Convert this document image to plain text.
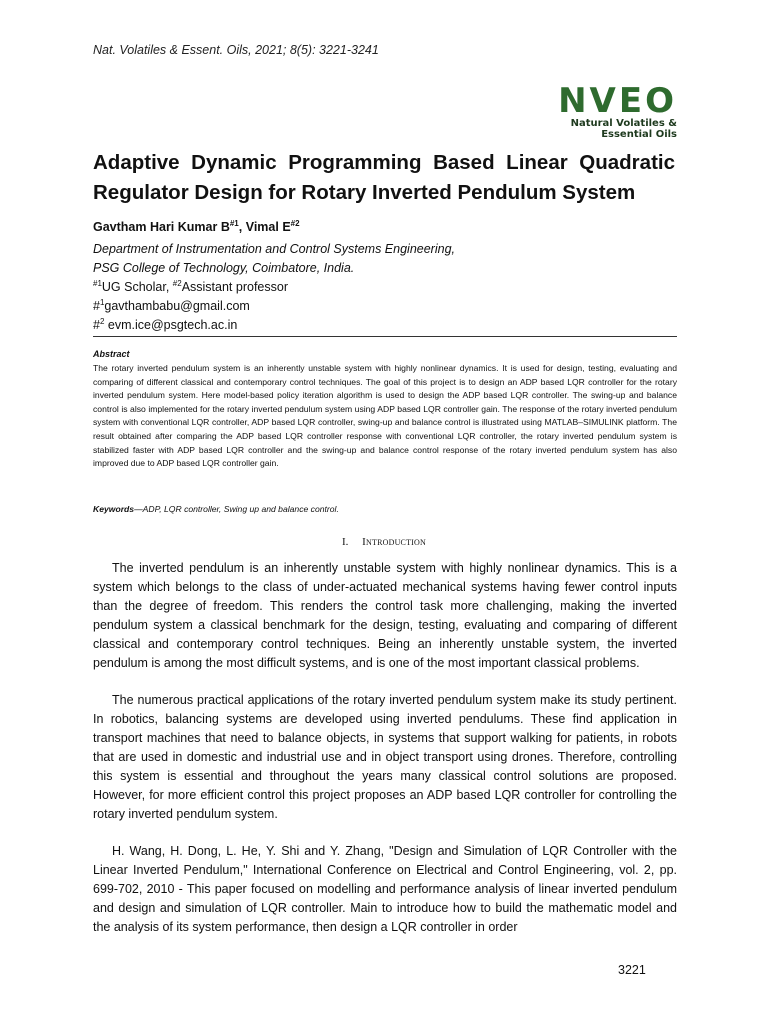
Nat. Volatiles & Essent. Oils, 2021; 8(5): 3221-3241
NVEO
Natural Volatiles &
Essential Oils
Adaptive Dynamic Programming Based Linear Quadratic
Regulator Design for Rotary Inverted Pendulum System
Gavtham Hari Kumar $B^{\#1}$, Vimal $E^{\#2}$
Department of Instrumentation and Control Systems Engineering,
PSG College of Technology, Coimbatore, India.
$^{\#1}$UG Scholar, $^{\#2}$Assistant professor
#$^1$gavthambabu@gmail.com
#$^2$ evm.ice@psgtech.ac.in
Abstract
The rotary inverted pendulum system is an inherently unstable system with highly nonlinear dynamics. It is used for design, testing, evaluating and comparing of different classical and contemporary control techniques. The goal of this project is to design an ADP based LQR controller for the rotary inverted pendulum system. Here model-based policy iteration algorithm is used to design the ADP based LQR controller. The swing-up and balance control is also implemented for the rotary inverted pendulum system using ADP based LQR controller gain. The response of the rotary inverted pendulum system with conventional LQR controller, ADP based LQR controller, swing-up and balance control is illustrated using MATLAB–SIMULINK platform. The result obtained after comparing the ADP based LQR controller response with conventional LQR controller, the rotary inverted pendulum system is stabilized faster with ADP based LQR controller and the swing-up and balance control response of the rotary inverted pendulum system has also improved due to ADP based LQR controller gain.
Keywords—ADP, LQR controller, Swing up and balance control.
I. Introduction
The inverted pendulum is an inherently unstable system with highly nonlinear dynamics. This is a system which belongs to the class of under-actuated mechanical systems having fewer control inputs than the degree of freedom. This renders the control task more challenging, making the inverted pendulum system a classical benchmark for the design, testing, evaluating and comparing of different classical and contemporary control techniques. Being an inherently unstable system, the inverted pendulum is among the most difficult systems, and is one of the most important classical problems.
The numerous practical applications of the rotary inverted pendulum system make its study pertinent. In robotics, balancing systems are developed using inverted pendulums. These find application in transport machines that need to balance objects, in systems that support walking for patients, in robots that are used in domestic and industrial use and in object transport using drones. Therefore, controlling this system is essential and throughout the years many classical control solutions are proposed. However, for more efficient control this project proposes an ADP based LQR controller for controlling the rotary inverted pendulum system.
H. Wang, H. Dong, L. He, Y. Shi and Y. Zhang, "Design and Simulation of LQR Controller with the Linear Inverted Pendulum," International Conference on Electrical and Control Engineering, vol. 2, pp. 699-702, 2010 - This paper focused on modelling and performance analysis of linear inverted pendulum and design and simulation of LQR controller. Main to introduce how to build the mathematic model and the analysis of its system performance, then design a LQR controller in order
3221
